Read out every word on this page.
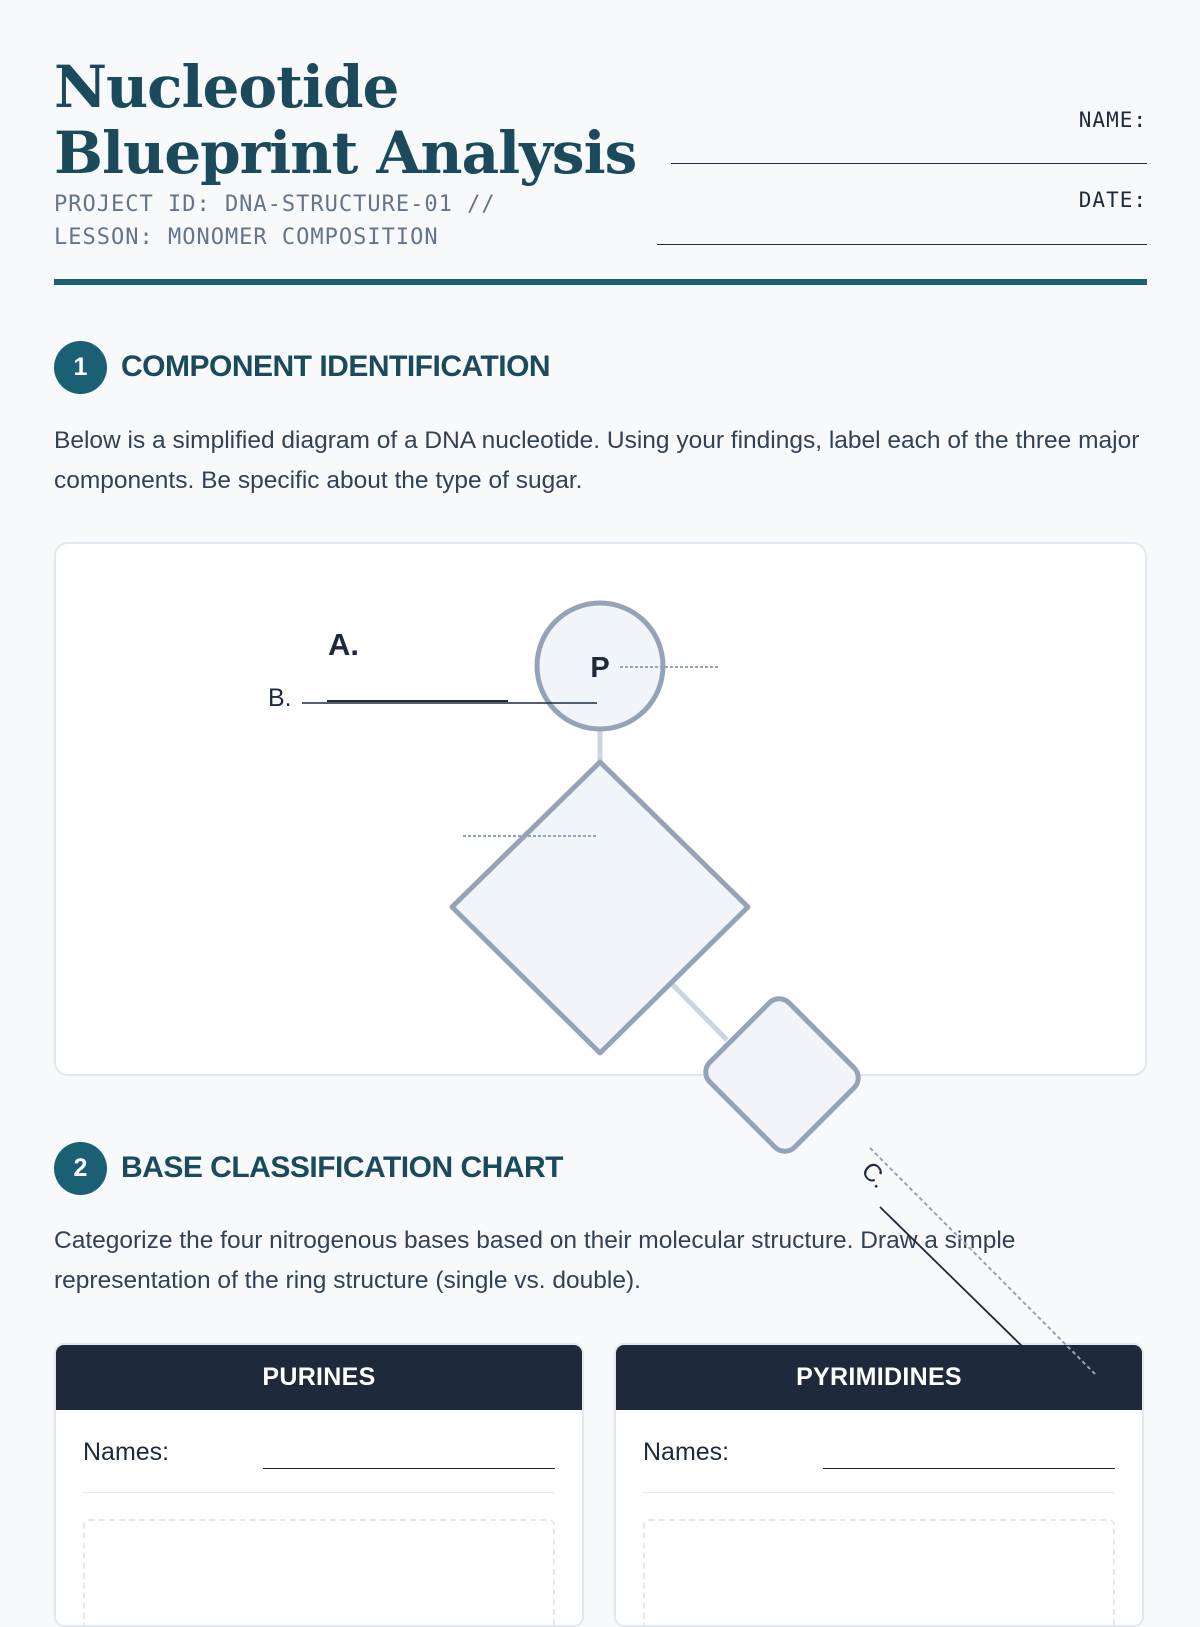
Nucleotide Blueprint Analysis
PROJECT ID: DNA-STRUCTURE-01 //
LESSON: MONOMER COMPOSITION
NAME:
DATE:
1	COMPONENT IDENTIFICATION

Below is a simplified diagram of a DNA nucleotide. Using your findings, label each of the three major components. Be specific about the type of sugar.

2	BASE CLASSIFICATION CHART

Categorize the four nitrogenous bases based on their molecular structure. Draw a simple representation of the ring structure (single vs. double).

PURINES
Names:
PYRIMIDINES
Names:
P
A.
B.
C.
